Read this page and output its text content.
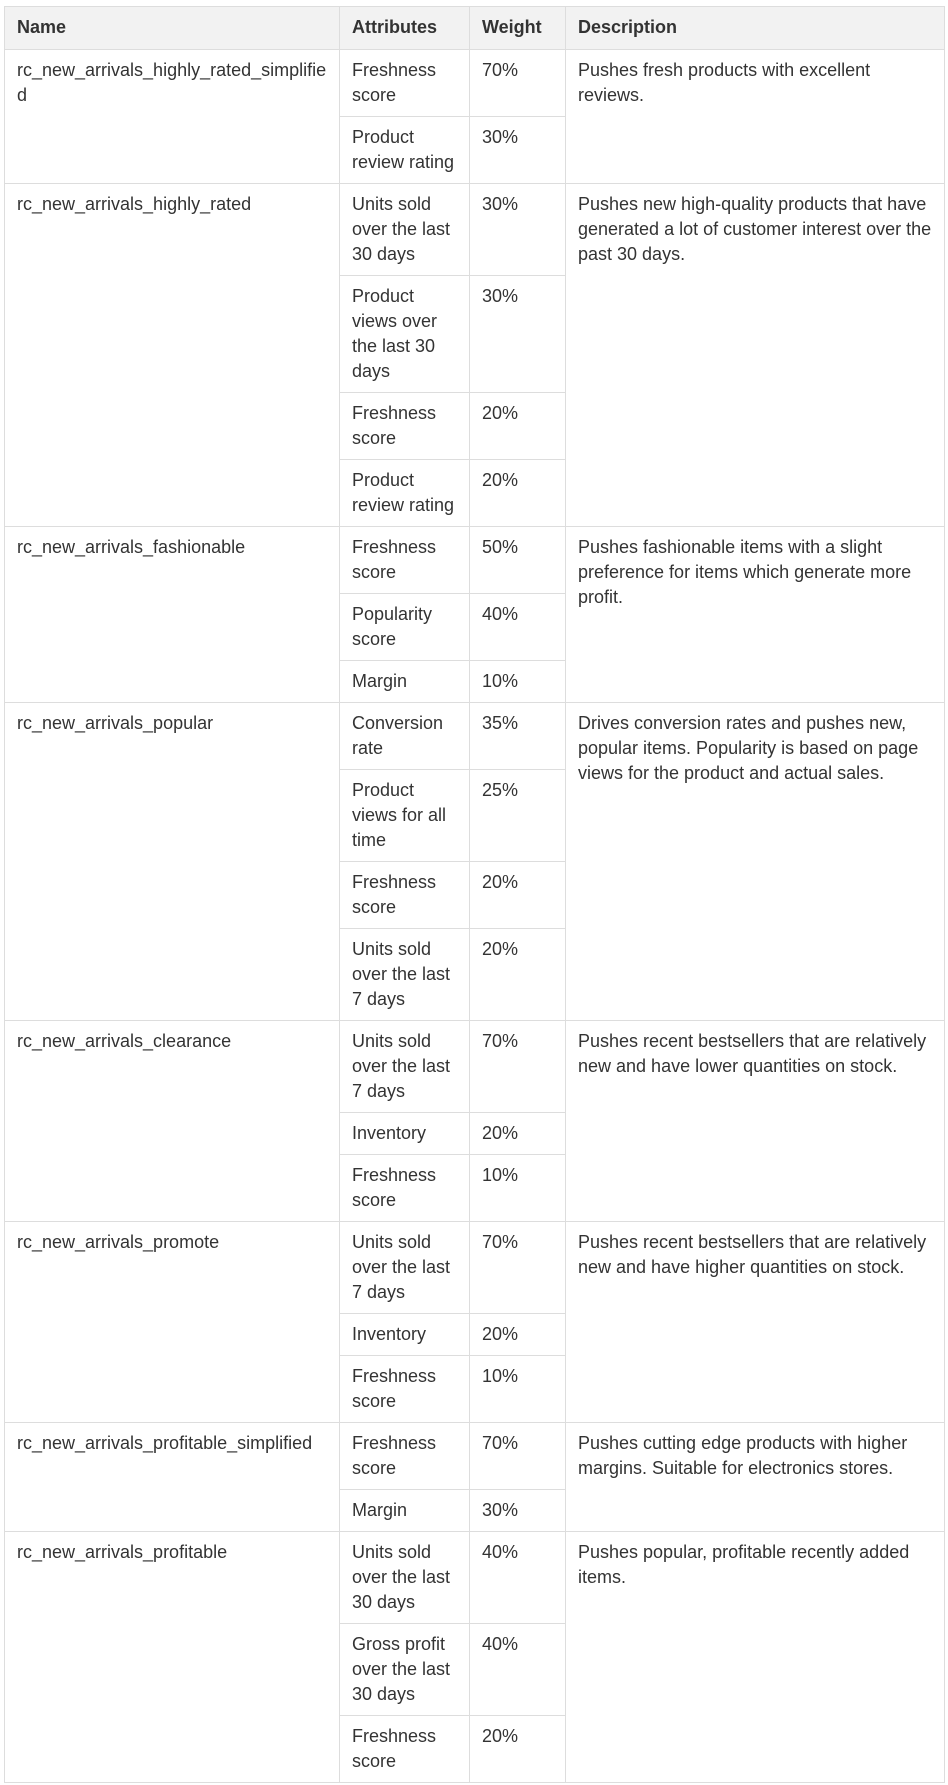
Name	Attributes	Weight	Description
rc_new_arrivals_highly_rated_simplified	Freshness score	70%	Pushes fresh products with excellent reviews.
	Product review rating	30%	
rc_new_arrivals_highly_rated	Units sold over the last 30 days	30%	Pushes new high-quality products that have generated a lot of customer interest over the past 30 days.
	Product views over the last 30 days	30%	
	Freshness score	20%	
	Product review rating	20%	
rc_new_arrivals_fashionable	Freshness score	50%	Pushes fashionable items with a slight preference for items which generate more profit.
	Popularity score	40%	
	Margin	10%	
rc_new_arrivals_popular	Conversion rate	35%	Drives conversion rates and pushes new, popular items. Popularity is based on page views for the product and actual sales.
	Product views for all time	25%	
	Freshness score	20%	
	Units sold over the last 7 days	20%	
rc_new_arrivals_clearance	Units sold over the last 7 days	70%	Pushes recent bestsellers that are relatively new and have lower quantities on stock.
	Inventory	20%	
	Freshness score	10%	
rc_new_arrivals_promote	Units sold over the last 7 days	70%	Pushes recent bestsellers that are relatively new and have higher quantities on stock.
	Inventory	20%	
	Freshness score	10%	
rc_new_arrivals_profitable_simplified	Freshness score	70%	Pushes cutting edge products with higher margins. Suitable for electronics stores.
	Margin	30%	
rc_new_arrivals_profitable	Units sold over the last 30 days	40%	Pushes popular, profitable recently added items.
	Gross profit over the last 30 days	40%	
	Freshness score	20%	
